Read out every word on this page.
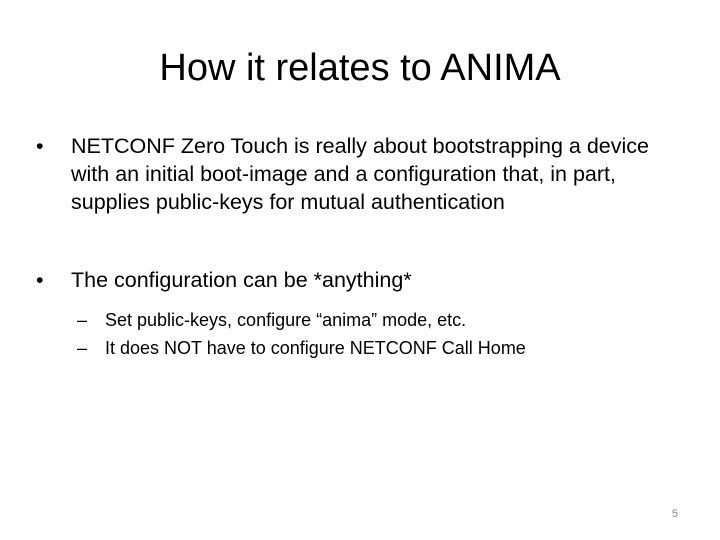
How it relates to ANIMA
•	NETCONF Zero Touch is really about bootstrapping a device with an initial boot-image and a configuration that, in part, supplies public-keys for mutual authentication
•	The configuration can be *anything*
– Set public-keys, configure “anima” mode, etc.
– It does NOT have to configure NETCONF Call Home
5
